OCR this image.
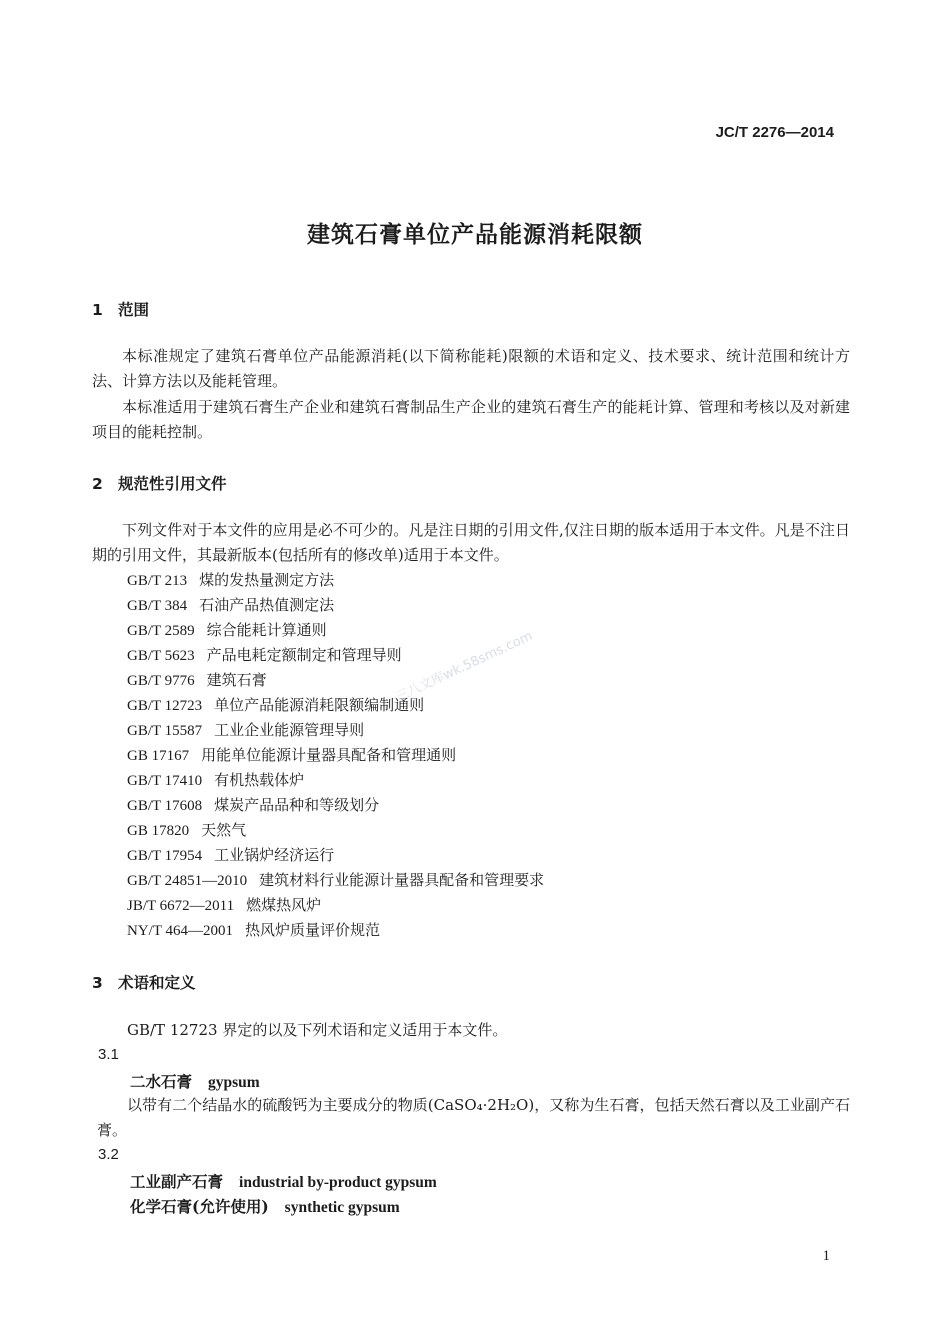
JC/T 2276—2014
建筑石膏单位产品能源消耗限额
1 范围
本标准规定了建筑石膏单位产品能源消耗(以下简称能耗)限额的术语和定义、技术要求、统计范围和统计方法、计算方法以及能耗管理。
本标准适用于建筑石膏生产企业和建筑石膏制品生产企业的建筑石膏生产的能耗计算、管理和考核以及对新建项目的能耗控制。
2 规范性引用文件
下列文件对于本文件的应用是必不可少的。凡是注日期的引用文件,仅注日期的版本适用于本文件。凡是不注日期的引用文件，其最新版本(包括所有的修改单)适用于本文件。
GB/T 213 煤的发热量测定方法
GB/T 384 石油产品热值测定法
GB/T 2589 综合能耗计算通则
GB/T 5623 产品电耗定额制定和管理导则
GB/T 9776 建筑石膏
GB/T 12723 单位产品能源消耗限额编制通则
GB/T 15587 工业企业能源管理导则
GB 17167 用能单位能源计量器具配备和管理通则
GB/T 17410 有机热载体炉
GB/T 17608 煤炭产品品种和等级划分
GB 17820 天然气
GB/T 17954 工业锅炉经济运行
GB/T 24851—2010 建筑材料行业能源计量器具配备和管理要求
JB/T 6672—2011 燃煤热风炉
NY/T 464—2001 热风炉质量评价规范
3 术语和定义
GB/T 12723 界定的以及下列术语和定义适用于本文件。
3.1
二水石膏 gypsum
以带有二个结晶水的硫酸钙为主要成分的物质(CaSO₄·2H₂O)，又称为生石膏，包括天然石膏以及工业副产石膏。
3.2
工业副产石膏 industrial by-product gypsum
化学石膏(允许使用) synthetic gypsum
三八文库wk.58sms.com
1
